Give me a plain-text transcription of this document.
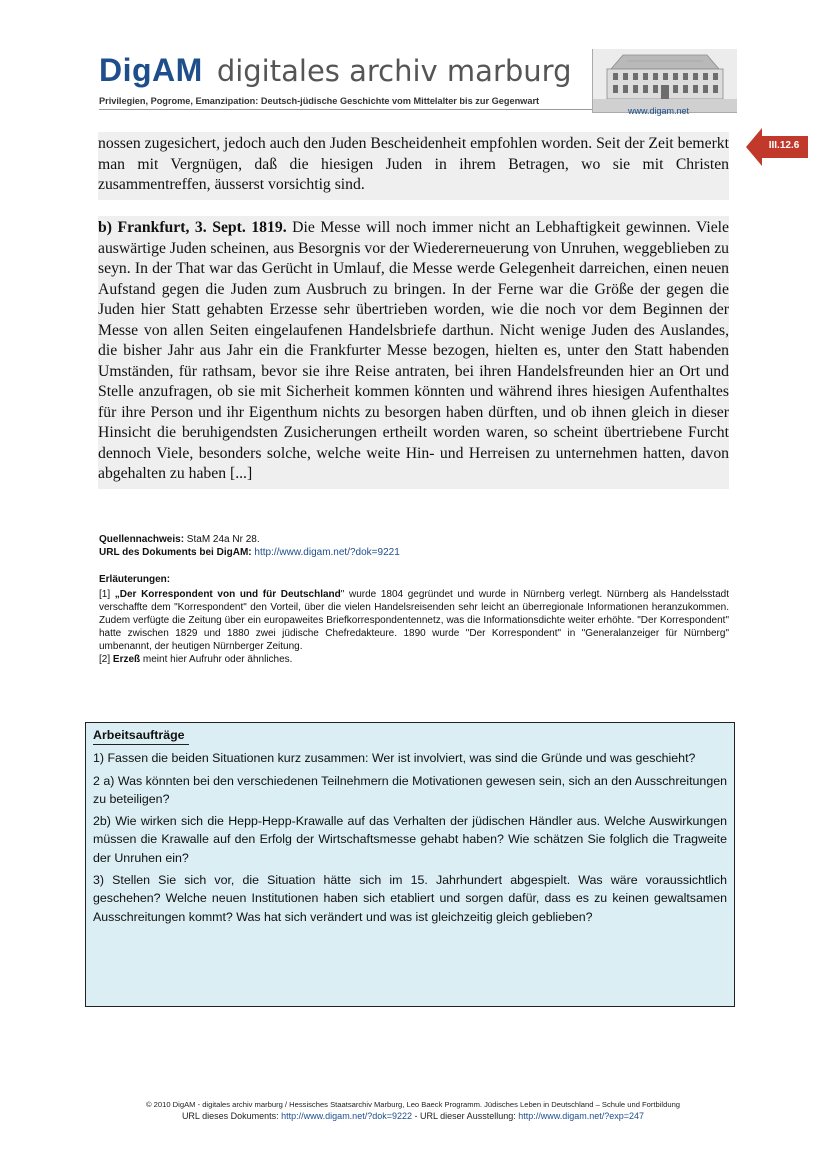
DigAM digitales archiv marburg
Privilegien, Pogrome, Emanzipation: Deutsch-jüdische Geschichte vom Mittelalter bis zur Gegenwart
www.digam.net
III.12.6
nossen zugesichert, jedoch auch den Juden Bescheidenheit empfohlen worden. Seit der Zeit bemerkt man mit Vergnügen, daß die hiesigen Juden in ihrem Betragen, wo sie mit Christen zusammentreffen, äusserst vorsichtig sind.
b) Frankfurt, 3. Sept. 1819. Die Messe will noch immer nicht an Lebhaftigkeit gewinnen. Viele auswärtige Juden scheinen, aus Besorgnis vor der Wiedererneuerung von Unruhen, weggeblieben zu seyn. In der That war das Gerücht in Umlauf, die Messe werde Gelegenheit darreichen, einen neuen Aufstand gegen die Juden zum Ausbruch zu bringen. In der Ferne war die Größe der gegen die Juden hier Statt gehabten Erzesse sehr übertrieben worden, wie die noch vor dem Beginnen der Messe von allen Seiten eingelaufenen Handelsbriefe darthun. Nicht wenige Juden des Auslandes, die bisher Jahr aus Jahr ein die Frankfurter Messe bezogen, hielten es, unter den Statt habenden Umständen, für rathsam, bevor sie ihre Reise antraten, bei ihren Handelsfreunden hier an Ort und Stelle anzufragen, ob sie mit Sicherheit kommen könnten und während ihres hiesigen Aufenthaltes für ihre Person und ihr Eigenthum nichts zu besorgen haben dürften, und ob ihnen gleich in dieser Hinsicht die beruhigendsten Zusicherungen ertheilt worden waren, so scheint übertriebene Furcht dennoch Viele, besonders solche, welche weite Hin- und Herreisen zu unternehmen hatten, davon abgehalten zu haben [...]
Quellennachweis: StaM 24a Nr 28.
URL des Dokuments bei DigAM: http://www.digam.net/?dok=9221
Erläuterungen:

[1] „Der Korrespondent von und für Deutschland" wurde 1804 gegründet und wurde in Nürnberg verlegt. Nürnberg als Handelsstadt verschaffte dem "Korrespondent" den Vorteil, über die vielen Handelsreisenden sehr leicht an überregionale Informationen heranzukommen. Zudem verfügte die Zeitung über ein europaweites Briefkorrespondentennetz, was die Informationsdichte weiter erhöhte. "Der Korrespondent" hatte zwischen 1829 und 1880 zwei jüdische Chefredakteure. 1890 wurde "Der Korrespondent" in "Generalanzeiger für Nürnberg" umbenannt, der heutigen Nürnberger Zeitung.

[2] Erzeß meint hier Aufruhr oder ähnliches.

Arbeitsaufträge

1) Fassen die beiden Situationen kurz zusammen: Wer ist involviert, was sind die Gründe und was geschieht?

2 a) Was könnten bei den verschiedenen Teilnehmern die Motivationen gewesen sein, sich an den Ausschreitungen zu beteiligen?

2b) Wie wirken sich die Hepp-Hepp-Krawalle auf das Verhalten der jüdischen Händler aus. Welche Auswirkungen müssen die Krawalle auf den Erfolg der Wirtschaftsmesse gehabt haben? Wie schätzen Sie folglich die Tragweite der Unruhen ein?

3) Stellen Sie sich vor, die Situation hätte sich im 15. Jahrhundert abgespielt. Was wäre voraussichtlich geschehen? Welche neuen Institutionen haben sich etabliert und sorgen dafür, dass es zu keinen gewaltsamen Ausschreitungen kommt? Was hat sich verändert und was ist gleichzeitig gleich geblieben?

© 2010 DigAM - digitales archiv marburg / Hessisches Staatsarchiv Marburg, Leo Baeck Programm. Jüdisches Leben in Deutschland – Schule und Fortbildung
URL dieses Dokuments: http://www.digam.net/?dok=9222 - URL dieser Ausstellung: http://www.digam.net/?exp=247
